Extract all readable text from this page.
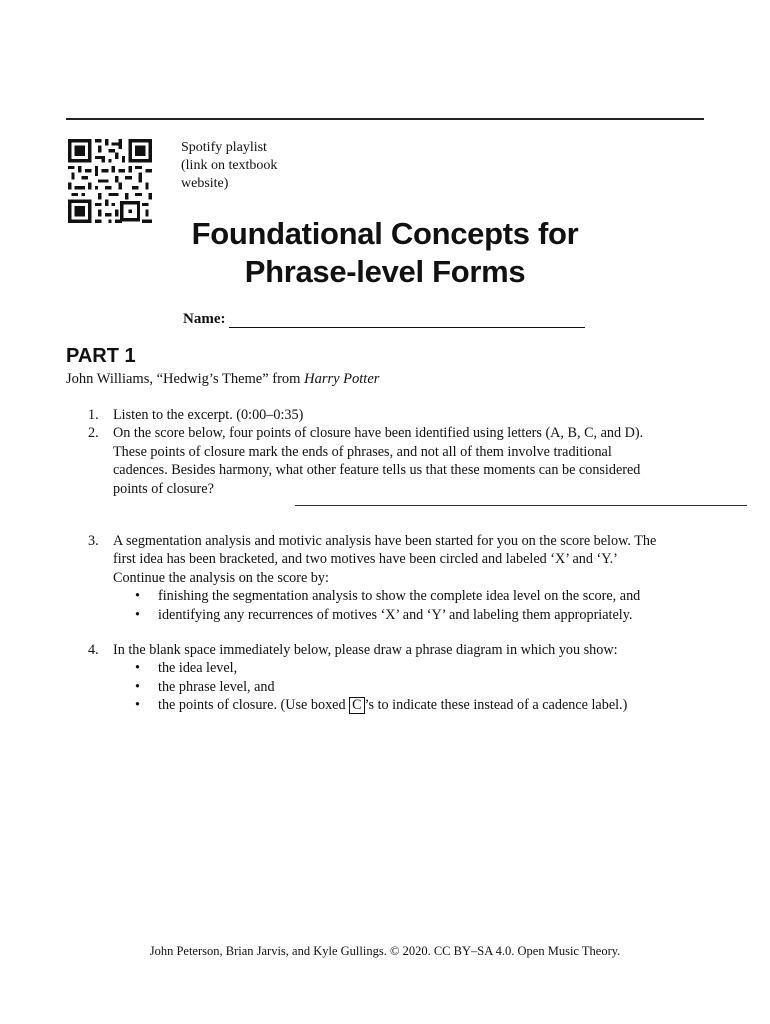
Spotify playlist
(link on textbook
website)
Foundational Concepts for
Phrase-level Forms
Name:
PART 1
John Williams, “Hedwig’s Theme” from Harry Potter
1. Listen to the excerpt. (0:00–0:35)
2. On the score below, four points of closure have been identified using letters (A, B, C, and D).
These points of closure mark the ends of phrases, and not all of them involve traditional
cadences. Besides harmony, what other feature tells us that these moments can be considered
points of closure?
3. A segmentation analysis and motivic analysis have been started for you on the score below. The
first idea has been bracketed, and two motives have been circled and labeled ‘X’ and ‘Y.’
Continue the analysis on the score by:
• finishing the segmentation analysis to show the complete idea level on the score, and
• identifying any recurrences of motives ‘X’ and ‘Y’ and labeling them appropriately.
4. In the blank space immediately below, please draw a phrase diagram in which you show:
• the idea level,
• the phrase level, and
• the points of closure. (Use boxed C ’s to indicate these instead of a cadence label.)
John Peterson, Brian Jarvis, and Kyle Gullings. © 2020. CC BY–SA 4.0. Open Music Theory.
